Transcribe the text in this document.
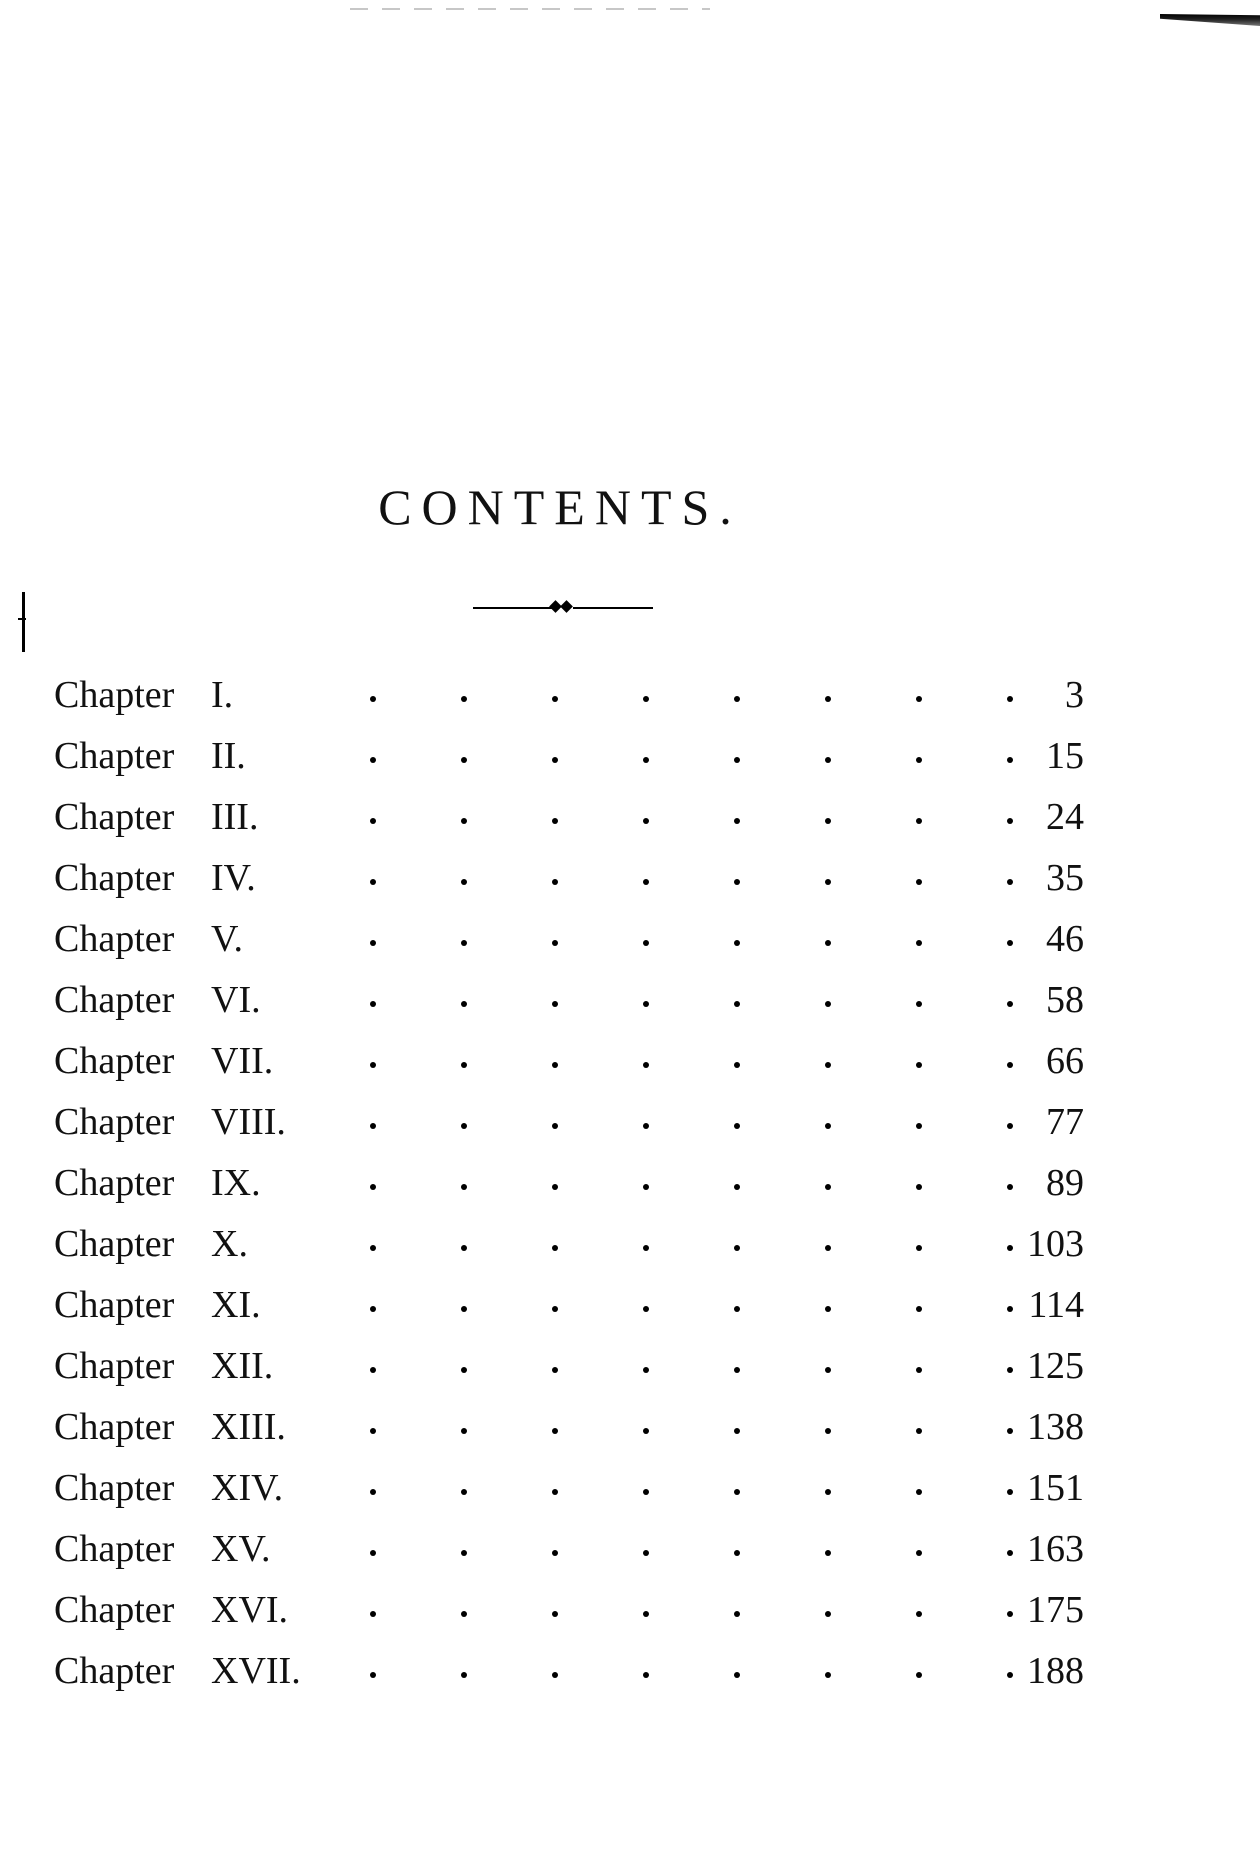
CONTENTS.
Chapter I.	3
Chapter II.	15
Chapter III.	24
Chapter IV.	35
Chapter V.	46
Chapter VI.	58
Chapter VII.	66
Chapter VIII.	77
Chapter IX.	89
Chapter X.	103
Chapter XI.	114
Chapter XII.	125
Chapter XIII.	138
Chapter XIV.	151
Chapter XV.	163
Chapter XVI.	175
Chapter XVII.	188
